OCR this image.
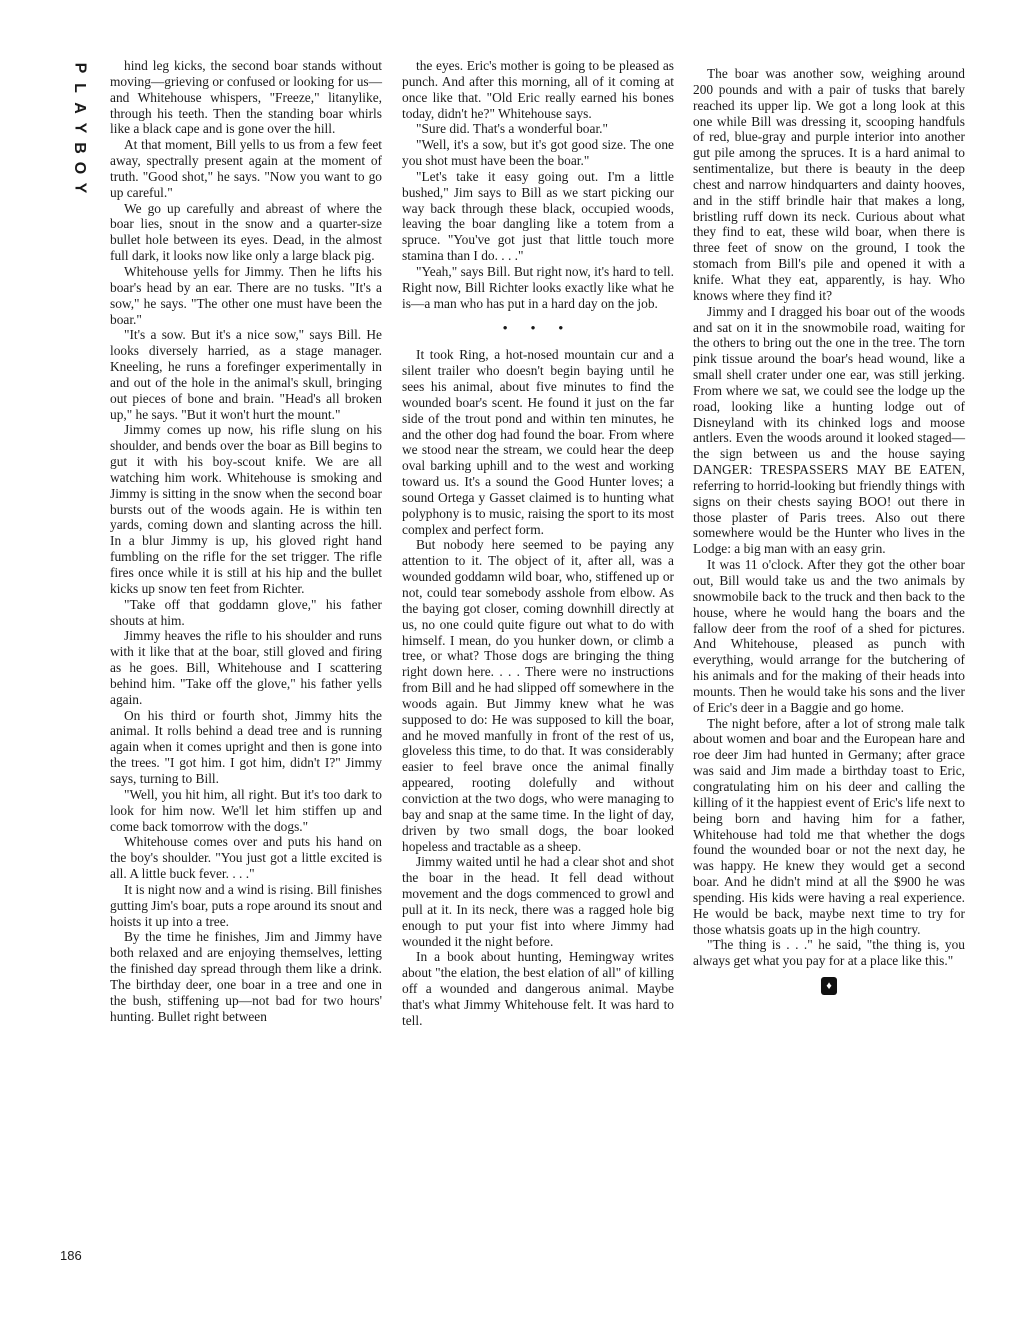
P
L
A
Y
B
O
Y

hind leg kicks, the second boar stands without moving—grieving or confused or looking for us—and Whitehouse whispers, "Freeze," litanylike, through his teeth. Then the standing boar whirls like a black cape and is gone over the hill.

At that moment, Bill yells to us from a few feet away, spectrally present again at the moment of truth. "Good shot," he says. "Now you want to go up careful."

We go up carefully and abreast of where the boar lies, snout in the snow and a quarter-size bullet hole between its eyes. Dead, in the almost full dark, it looks now like only a large black pig.

Whitehouse yells for Jimmy. Then he lifts his boar's head by an ear. There are no tusks. "It's a sow," he says. "The other one must have been the boar."

"It's a sow. But it's a nice sow," says Bill. He looks diversely harried, as a stage manager. Kneeling, he runs a forefinger experimentally in and out of the hole in the animal's skull, bringing out pieces of bone and brain. "Head's all broken up," he says. "But it won't hurt the mount."

Jimmy comes up now, his rifle slung on his shoulder, and bends over the boar as Bill begins to gut it with his boy-scout knife. We are all watching him work. Whitehouse is smoking and Jimmy is sitting in the snow when the second boar bursts out of the woods again. He is within ten yards, coming down and slanting across the hill. In a blur Jimmy is up, his gloved right hand fumbling on the rifle for the set trigger. The rifle fires once while it is still at his hip and the bullet kicks up snow ten feet from Richter.

"Take off that goddamn glove," his father shouts at him.

Jimmy heaves the rifle to his shoulder and runs with it like that at the boar, still gloved and firing as he goes. Bill, Whitehouse and I scattering behind him. "Take off the glove," his father yells again.

On his third or fourth shot, Jimmy hits the animal. It rolls behind a dead tree and is running again when it comes upright and then is gone into the trees. "I got him. I got him, didn't I?" Jimmy says, turning to Bill.

"Well, you hit him, all right. But it's too dark to look for him now. We'll let him stiffen up and come back tomorrow with the dogs."

Whitehouse comes over and puts his hand on the boy's shoulder. "You just got a little excited is all. A little buck fever. . . ."

It is night now and a wind is rising. Bill finishes gutting Jim's boar, puts a rope around its snout and hoists it up into a tree.

By the time he finishes, Jim and Jimmy have both relaxed and are enjoying themselves, letting the finished day spread through them like a drink. The birthday deer, one boar in a tree and one in the bush, stiffening up—not bad for two hours' hunting. Bullet right between

the eyes. Eric's mother is going to be pleased as punch. And after this morning, all of it coming at once like that. "Old Eric really earned his bones today, didn't he?" Whitehouse says.

"Sure did. That's a wonderful boar."

"Well, it's a sow, but it's got good size. The one you shot must have been the boar."

"Let's take it easy going out. I'm a little bushed," Jim says to Bill as we start picking our way back through these black, occupied woods, leaving the boar dangling like a totem from a spruce. "You've got just that little touch more stamina than I do. . . ."

"Yeah," says Bill. But right now, it's hard to tell. Right now, Bill Richter looks exactly like what he is—a man who has put in a hard day on the job.

• • •

It took Ring, a hot-nosed mountain cur and a silent trailer who doesn't begin baying until he sees his animal, about five minutes to find the wounded boar's scent. He found it just on the far side of the trout pond and within ten minutes, he and the other dog had found the boar. From where we stood near the stream, we could hear the deep oval barking uphill and to the west and working toward us. It's a sound the Good Hunter loves; a sound Ortega y Gasset claimed is to hunting what polyphony is to music, raising the sport to its most complex and perfect form.

But nobody here seemed to be paying any attention to it. The object of it, after all, was a wounded goddamn wild boar, who, stiffened up or not, could tear somebody asshole from elbow. As the baying got closer, coming downhill directly at us, no one could quite figure out what to do with himself. I mean, do you hunker down, or climb a tree, or what? Those dogs are bringing the thing right down here. . . . There were no instructions from Bill and he had slipped off somewhere in the woods again. But Jimmy knew what he was supposed to do: He was supposed to kill the boar, and he moved manfully in front of the rest of us, gloveless this time, to do that. It was considerably easier to feel brave once the animal finally appeared, rooting dolefully and without conviction at the two dogs, who were managing to bay and snap at the same time. In the light of day, driven by two small dogs, the boar looked hopeless and tractable as a sheep.

Jimmy waited until he had a clear shot and shot the boar in the head. It fell dead without movement and the dogs commenced to growl and pull at it. In its neck, there was a ragged hole big enough to put your fist into where Jimmy had wounded it the night before.

In a book about hunting, Hemingway writes about "the elation, the best elation of all" of killing off a wounded and dangerous animal. Maybe that's what Jimmy Whitehouse felt. It was hard to tell.

The boar was another sow, weighing around 200 pounds and with a pair of tusks that barely reached its upper lip. We got a long look at this one while Bill was dressing it, scooping handfuls of red, blue-gray and purple interior into another gut pile among the spruces. It is a hard animal to sentimentalize, but there is beauty in the deep chest and narrow hindquarters and dainty hooves, and in the stiff brindle hair that makes a long, bristling ruff down its neck. Curious about what they find to eat, these wild boar, when there is three feet of snow on the ground, I took the stomach from Bill's pile and opened it with a knife. What they eat, apparently, is hay. Who knows where they find it?

Jimmy and I dragged his boar out of the woods and sat on it in the snowmobile road, waiting for the others to bring out the one in the tree. The torn pink tissue around the boar's head wound, like a small shell crater under one ear, was still jerking. From where we sat, we could see the lodge up the road, looking like a hunting lodge out of Disneyland with its chinked logs and moose antlers. Even the woods around it looked staged—the sign between us and the house saying DANGER: TRESPASSERS MAY BE EATEN, referring to horrid-looking but friendly things with signs on their chests saying BOO! out there in those plaster of Paris trees. Also out there somewhere would be the Hunter who lives in the Lodge: a big man with an easy grin.

It was 11 o'clock. After they got the other boar out, Bill would take us and the two animals by snowmobile back to the truck and then back to the house, where he would hang the boars and the fallow deer from the roof of a shed for pictures. And Whitehouse, pleased as punch with everything, would arrange for the butchering of his animals and for the making of their heads into mounts. Then he would take his sons and the liver of Eric's deer in a Baggie and go home.

The night before, after a lot of strong male talk about women and boar and the European hare and roe deer Jim had hunted in Germany; after grace was said and Jim made a birthday toast to Eric, congratulating him on his deer and calling the killing of it the happiest event of Eric's life next to being born and having him for a father, Whitehouse had told me that whether the dogs found the wounded boar or not the next day, he was happy. He knew they would get a second boar. And he didn't mind at all the $900 he was spending. His kids were having a real experience. He would be back, maybe next time to try for those whatsis goats up in the high country.

"The thing is . . ." he said, "the thing is, you always get what you pay for at a place like this."

♦
186
